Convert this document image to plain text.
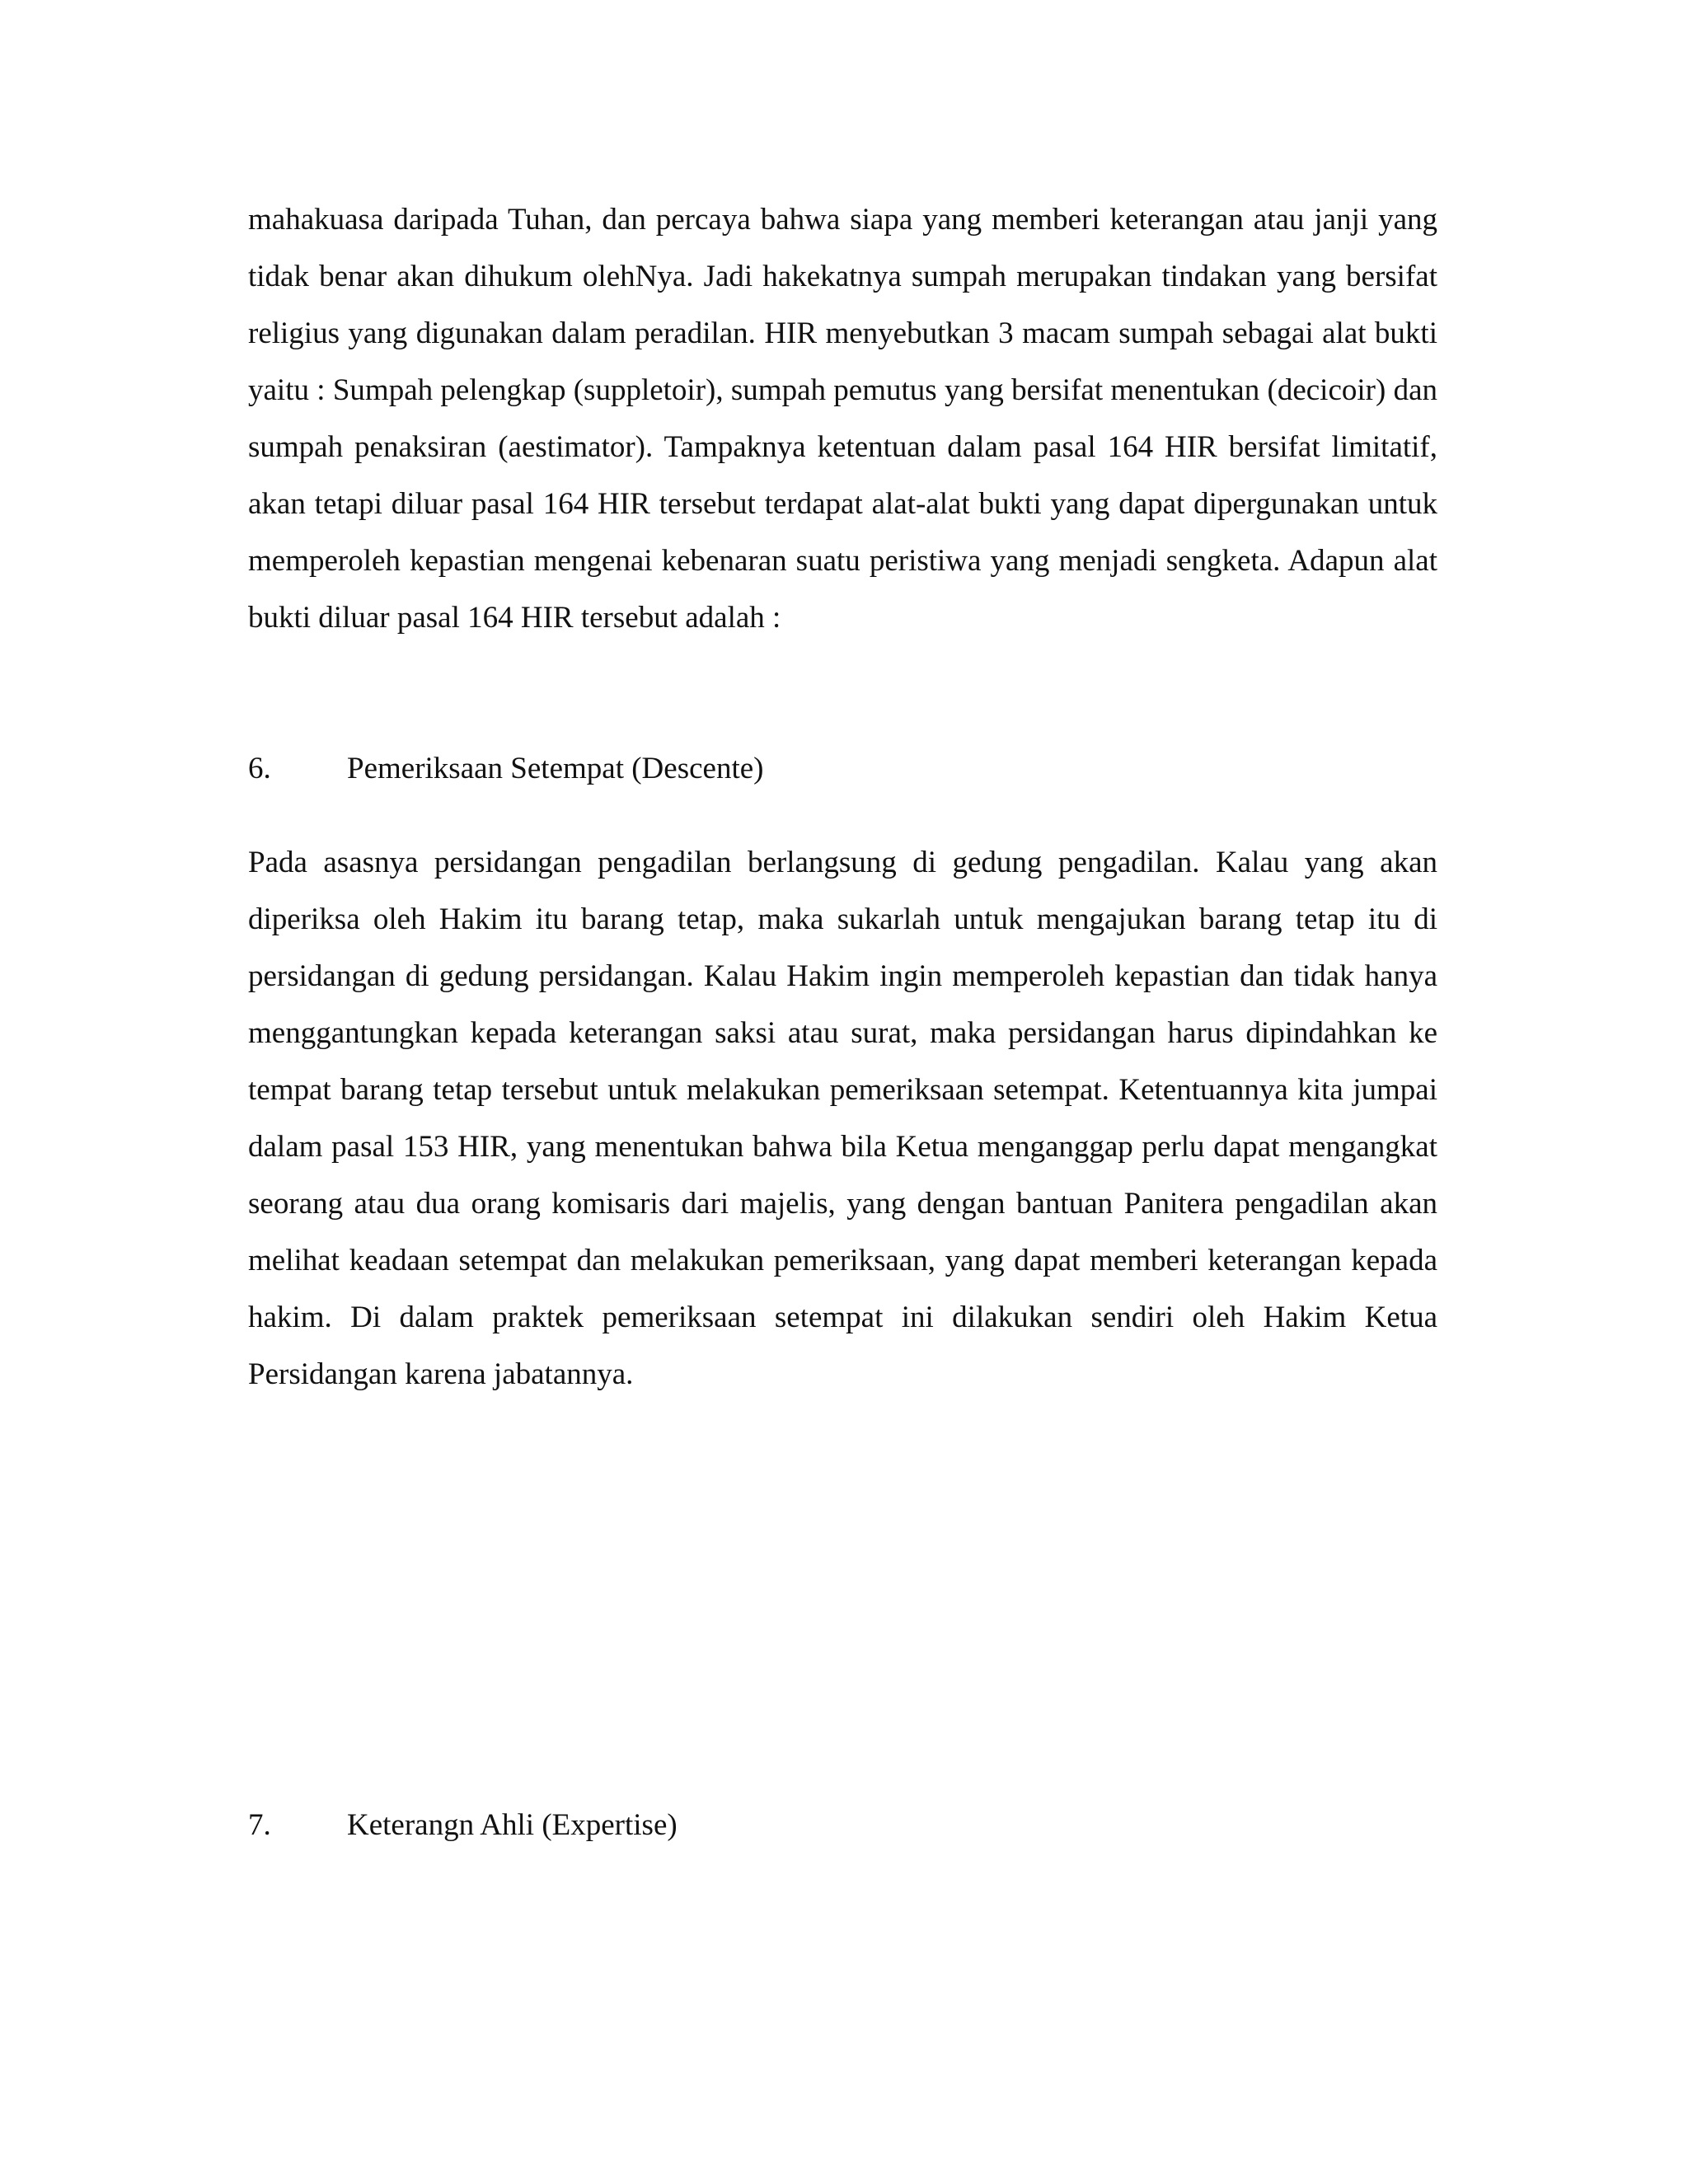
mahakuasa daripada Tuhan, dan percaya bahwa siapa yang memberi keterangan atau janji yang tidak benar akan dihukum olehNya. Jadi hakekatnya sumpah merupakan tindakan yang bersifat religius yang digunakan dalam peradilan. HIR menyebutkan 3 macam sumpah sebagai alat bukti yaitu : Sumpah pelengkap (suppletoir), sumpah pemutus yang bersifat menentukan (decicoir) dan sumpah penaksiran (aestimator). Tampaknya ketentuan dalam pasal 164 HIR bersifat limitatif, akan tetapi diluar pasal 164 HIR tersebut terdapat alat-alat bukti yang dapat dipergunakan untuk memperoleh kepastian mengenai kebenaran suatu peristiwa yang menjadi sengketa. Adapun alat bukti diluar pasal 164 HIR tersebut adalah :

6. Pemeriksaan Setempat (Descente)

Pada asasnya persidangan pengadilan berlangsung di gedung pengadilan. Kalau yang akan diperiksa oleh Hakim itu barang tetap, maka sukarlah untuk mengajukan barang tetap itu di persidangan di gedung persidangan. Kalau Hakim ingin memperoleh kepastian dan tidak hanya menggantungkan kepada keterangan saksi atau surat, maka persidangan harus dipindahkan ke tempat barang tetap tersebut untuk melakukan pemeriksaan setempat. Ketentuannya kita jumpai dalam pasal 153 HIR, yang menentukan bahwa bila Ketua menganggap perlu dapat mengangkat seorang atau dua orang komisaris dari majelis, yang dengan bantuan Panitera pengadilan akan melihat keadaan setempat dan melakukan pemeriksaan, yang dapat memberi keterangan kepada hakim. Di dalam praktek pemeriksaan setempat ini dilakukan sendiri oleh Hakim Ketua Persidangan karena jabatannya.

7. Keterangn Ahli (Expertise)
